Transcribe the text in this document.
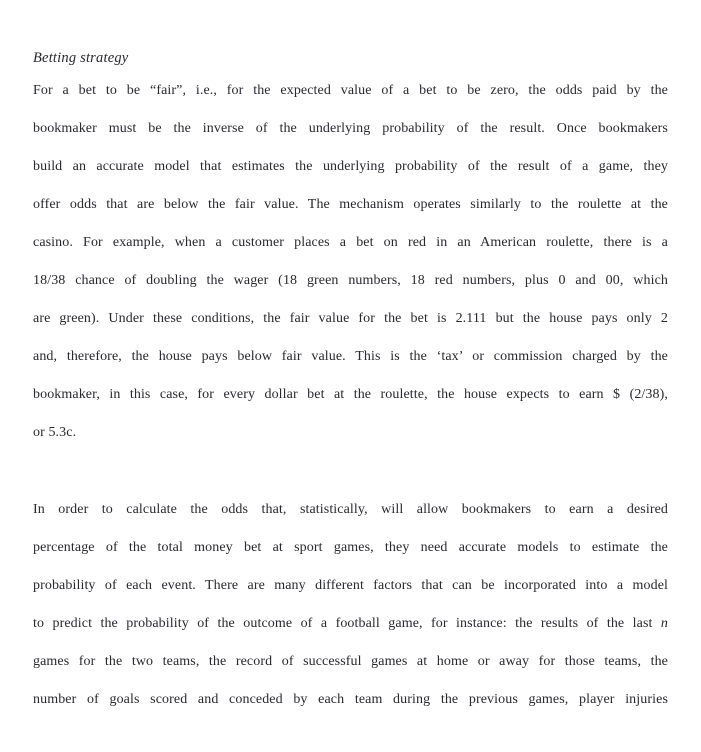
Betting strategy
For a bet to be “fair”, i.e., for the expected value of a bet to be zero, the odds paid by the
bookmaker must be the inverse of the underlying probability of the result. Once bookmakers
build an accurate model that estimates the underlying probability of the result of a game, they
offer odds that are below the fair value. The mechanism operates similarly to the roulette at the
casino. For example, when a customer places a bet on red in an American roulette, there is a
18/38 chance of doubling the wager (18 green numbers, 18 red numbers, plus 0 and 00, which
are green). Under these conditions, the fair value for the bet is 2.111 but the house pays only 2
and, therefore, the house pays below fair value. This is the ‘tax’ or commission charged by the
bookmaker, in this case, for every dollar bet at the roulette, the house expects to earn $ (2/38),
or 5.3c.
In order to calculate the odds that, statistically, will allow bookmakers to earn a desired
percentage of the total money bet at sport games, they need accurate models to estimate the
probability of each event. There are many different factors that can be incorporated into a model
to predict the probability of the outcome of a football game, for instance: the results of the last n
games for the two teams, the record of successful games at home or away for those teams, the
number of goals scored and conceded by each team during the previous games, player injuries
